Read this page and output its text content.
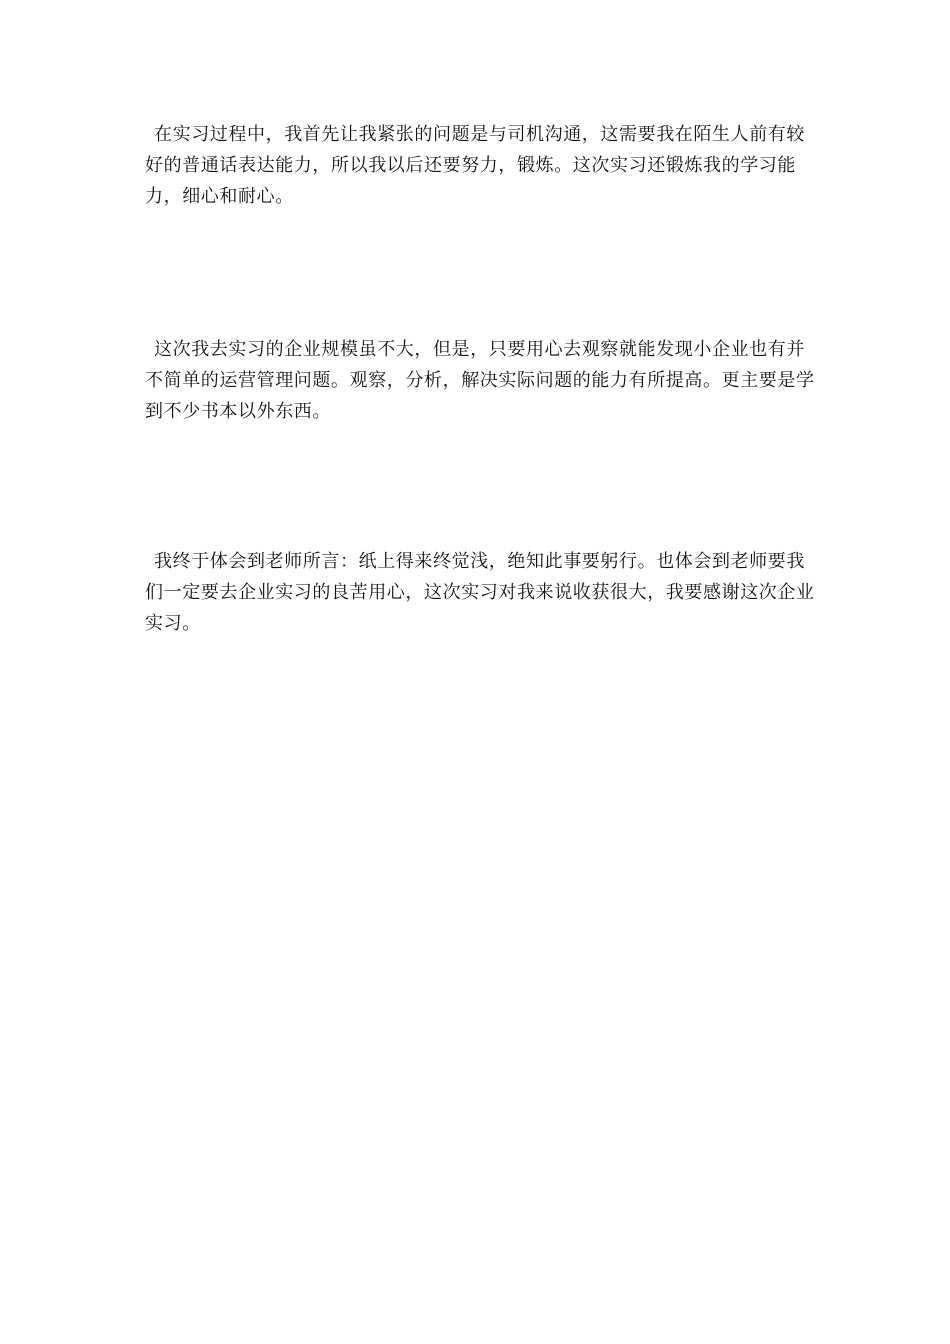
在实习过程中，我首先让我紧张的问题是与司机沟通，这需要我在陌生人前有较好的普通话表达能力，所以我以后还要努力，锻炼。这次实习还锻炼我的学习能力，细心和耐心。

这次我去实习的企业规模虽不大，但是，只要用心去观察就能发现小企业也有并不简单的运营管理问题。观察，分析，解决实际问题的能力有所提高。更主要是学到不少书本以外东西。

我终于体会到老师所言：纸上得来终觉浅，绝知此事要躬行。也体会到老师要我们一定要去企业实习的良苦用心，这次实习对我来说收获很大，我要感谢这次企业实习。
